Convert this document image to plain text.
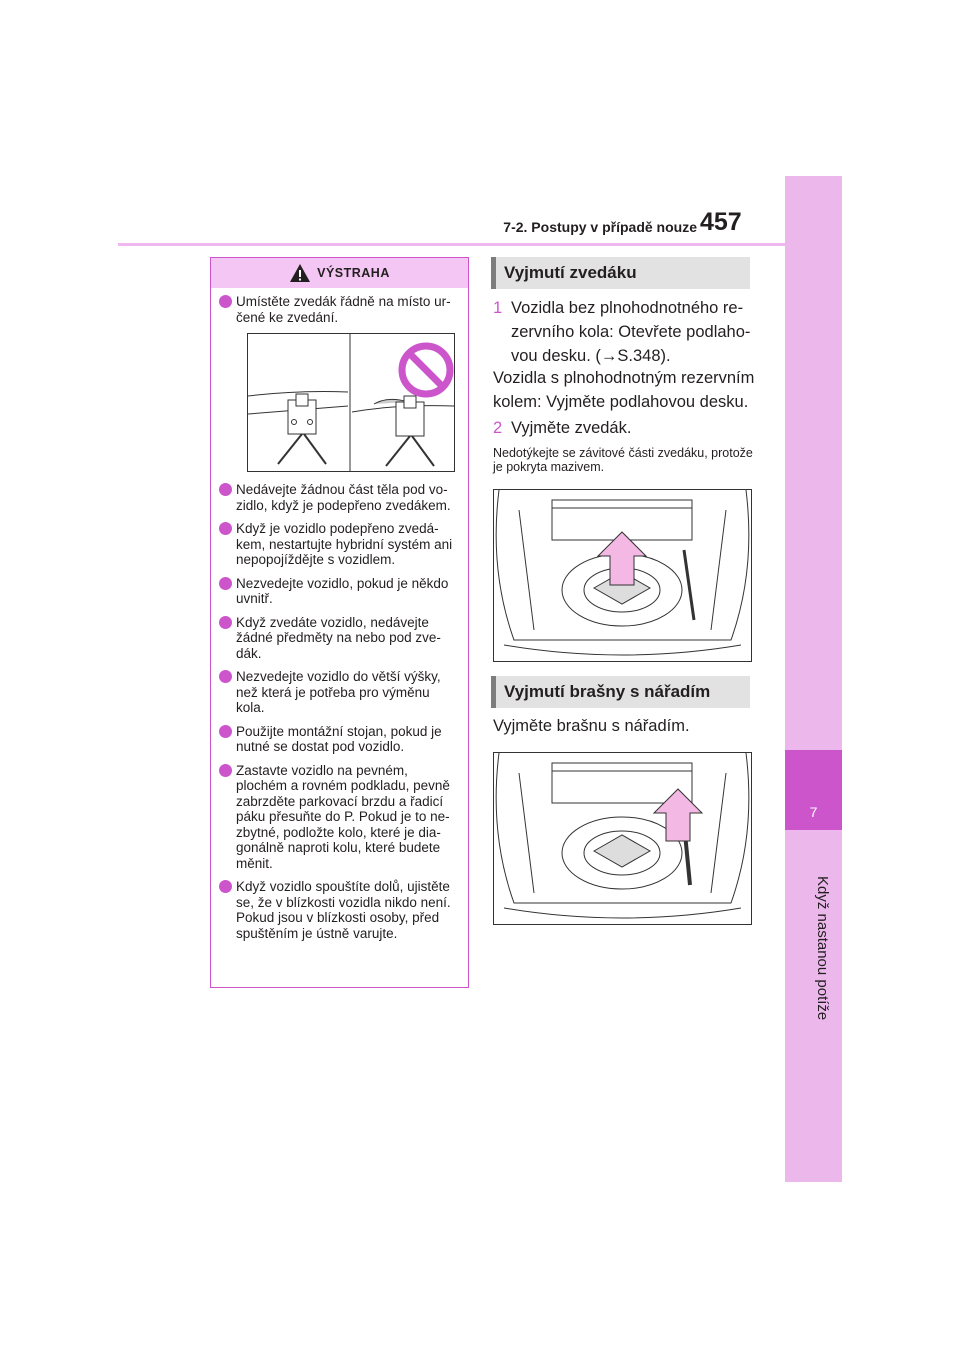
7-2. Postupy v případě nouze 457
7
Když nastanou potíže
VÝSTRAHA
Umístěte zvedák řádně na místo ur-čené ke zvedání.
Nedávejte žádnou část těla pod vo-zidlo, když je podepřeno zvedákem.
Když je vozidlo podepřeno zvedá-kem, nestartujte hybridní systém ani nepopojíždějte s vozidlem.
Nezvedejte vozidlo, pokud je někdo uvnitř.
Když zvedáte vozidlo, nedávejte žádné předměty na nebo pod zve-dák.
Nezvedejte vozidlo do větší výšky, než která je potřeba pro výměnu kola.
Použijte montážní stojan, pokud je nutné se dostat pod vozidlo.
Zastavte vozidlo na pevném, plochém a rovném podkladu, pevně zabrzděte parkovací brzdu a řadicí páku přesuňte do P. Pokud je to ne-zbytné, podložte kolo, které je dia-gonálně naproti kolu, které budete měnit.
Když vozidlo spouštíte dolů, ujistěte se, že v blízkosti vozidla nikdo není. Pokud jsou v blízkosti osoby, před spuštěním je ústně varujte.
Vyjmutí zvedáku
1 Vozidla bez plnohodnotného re-
zervního kola: Otevřete podlaho-
vou desku. (→S.348).
Vozidla s plnohodnotným rezervním kolem: Vyjměte podlahovou desku.
2 Vyjměte zvedák.
Nedotýkejte se závitové části zvedáku, protože je pokryta mazivem.
Vyjmutí brašny s nářadím
Vyjměte brašnu s nářadím.
